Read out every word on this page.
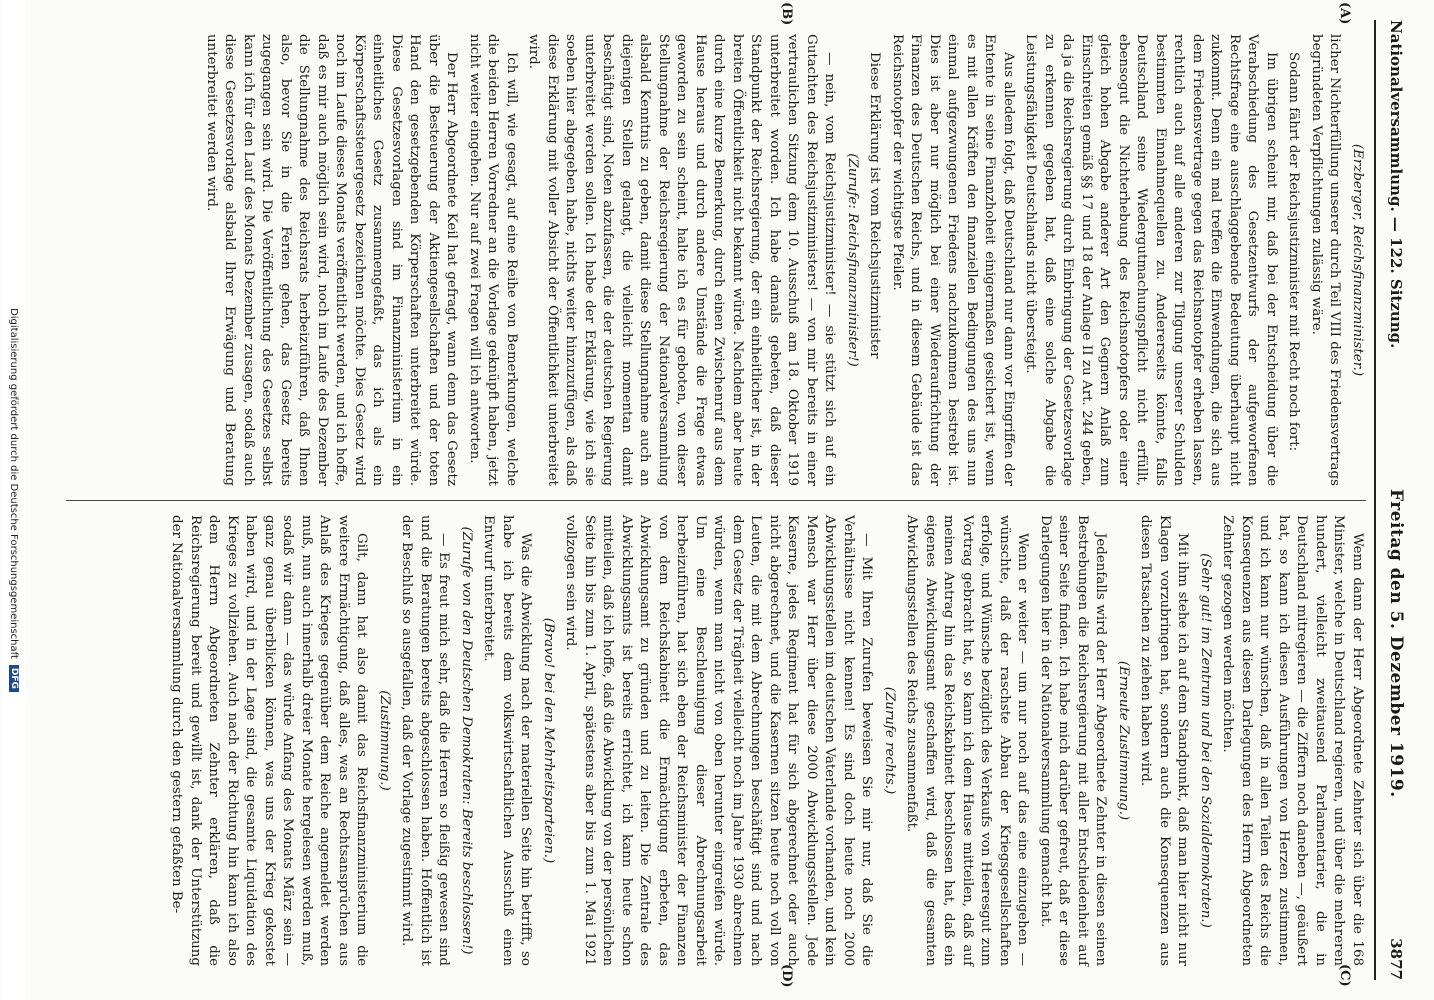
Nationalversammlung. — 122. Sitzung.
Freitag den 5. Dezember 1919.
3877
(A)
(B)
(C)
(D)

(Erzberger, Reichsfinanzminister.)

licher Nichterfüllung unserer durch Teil VIII des Friedensvertrags begründeten Verpflichtungen zulässig wäre.

Sodann fährt der Reichsjustizminister mit Recht noch fort:

Im übrigen scheint mir, daß bei der Entscheidung über die Verabschiedung des Gesetzentwurfs der aufgeworfenen Rechtsfrage eine ausschlaggebende Bedeutung überhaupt nicht zukommt. Denn ein mal treffen die Einwendungen, die sich aus dem Friedensvertrage gegen das Reichsnotopfer erheben lassen, rechtlich auch auf alle anderen zur Tilgung unserer Schulden bestimmten Einnahmequellen zu. Andererseits könnte, falls Deutschland seine Wiedergutmachungspflicht nicht erfüllt, ebensogut die Nichterhebung des Reichsnotopfers oder einer gleich hohen Abgabe anderer Art den Gegnern Anlaß zum Einschreiten gemäß §§ 17 und 18 der Anlage II zu Art. 244 geben, da ja die Reichsregierung durch Einbringung der Gesetzesvorlage zu erkennen gegeben hat, daß eine solche Abgabe die Leistungsfähigkeit Deutschlands nicht übersteigt.

Aus alledem folgt, daß Deutschland nur dann vor Eingriffen der Entente in seine Finanzhoheit einigermaßen gesichert ist, wenn es mit allen Kräften den finanziellen Bedingungen des uns nun einmal aufgezwungenen Friedens nachzukommen bestrebt ist. Dies ist aber nur möglich bei einer Wiederaufrichtung der Finanzen des Deutschen Reichs, und in diesem Gebäude ist das Reichsnotopfer der wichtigste Pfeiler.

Diese Erklärung ist vom Reichsjustizminister

(Zurufe: Reichsfinanzminister!)

— nein, vom Reichsjustizminister! — sie stützt sich auf ein Gutachten des Reichsjustizministers! — von mir bereits in einer vertraulichen Sitzung dem 10. Ausschuß am 18. Oktober 1919 unterbreitet worden. Ich habe damals gebeten, daß dieser Standpunkt der Reichsregierung, der ein einheitlicher ist, in der breiten Öffentlichkeit nicht bekannt würde. Nachdem aber heute durch eine kurze Bemerkung, durch einen Zwischenruf aus dem Hause heraus und durch andere Umstände die Frage etwas geworden zu sein scheint, halte ich es für geboten, von dieser Stellungnahme der Reichsregierung der Nationalversammlung alsbald Kenntnis zu geben, damit diese Stellungnahme auch an diejenigen Stellen gelangt, die vielleicht momentan damit beschäftigt sind, Noten abzufassen, die der deutschen Regierung unterbreitet werden sollen. Ich habe der Erklärung, wie ich sie soeben hier abgegeben habe, nichts weiter hinzuzufügen, als daß diese Erklärung mit voller Absicht der Öffentlichkeit unterbreitet wird.

Ich will, wie gesagt, auf eine Reihe von Bemerkungen, welche die beiden Herren Vorredner an die Vorlage geknüpft haben, jetzt nicht weiter eingehen. Nur auf zwei Fragen will ich antworten.

Der Herr Abgeordnete Keil hat gefragt, wann denn das Gesetz über die Besteuerung der Aktiengesellschaften und der toten Hand den gesetzgebenden Körperschaften unterbreitet würde. Diese Gesetzesvorlagen sind im Finanzministerium in ein einheitliches Gesetz zusammengefaßt, das ich als ein Körperschaftssteuergesetz bezeichnen möchte. Dies Gesetz wird noch im Laufe dieses Monats veröffentlicht werden, und ich hoffe, daß es mir auch möglich sein wird, noch im Laufe des Dezember die Stellungnahme des Reichsrats herbeizuführen, daß Ihnen also, bevor Sie in die Ferien gehen, das Gesetz bereits zugegangen sein wird. Die Veröffentlichung des Gesetzes selbst kann ich für den Lauf des Monats Dezember zusagen, sodaß auch diese Gesetzesvorlage alsbald Ihrer Erwägung und Beratung unterbreitet werden wird.

Wenn dann der Herr Abgeordnete Zehnter sich über die 168 Minister, welche in Deutschland regieren, und über die mehreren hundert, vielleicht zweitausend Parlamentarier, die in Deutschland mitregieren — die Ziffern noch daneben —, geäußert hat, so kann ich diesen Ausführungen von Herzen zustimmen, und ich kann nur wünschen, daß in allen Teilen des Reichs die Konsequenzen aus diesen Darlegungen des Herrn Abgeordneten Zehnter gezogen werden möchten.

(Sehr gut! im Zentrum und bei den Sozialdemokraten.)

Mit ihm stehe ich auf dem Standpunkt, daß man hier nicht nur Klagen vorzubringen hat, sondern auch die Konsequenzen aus diesen Tatsachen zu ziehen haben wird.

(Erneute Zustimmung.)

Jedenfalls wird der Herr Abgeordnete Zehnter in diesen seinen Bestrebungen die Reichsregierung mit aller Entschiedenheit auf seiner Seite finden. Ich habe mich darüber gefreut, daß er diese Darlegungen hier in der Nationalversammlung gemacht hat.

Wenn er weiter — um nur noch auf das eine einzugehen — wünschte, daß der raschste Abbau der Kriegsgesellschaften erfolge, und Wünsche bezüglich des Verkaufs von Heeresgut zum Vortrag gebracht hat, so kann ich dem Hause mitteilen, daß auf meinen Antrag hin das Reichskabinett beschlossen hat, daß ein eigenes Abwicklungsamt geschaffen wird, daß die gesamten Abwicklungsstellen des Reichs zusammenfaßt.

(Zurufe rechts.)

— Mit Ihren Zurufen beweisen Sie mir nur, daß Sie die Verhältnisse nicht kennen! Es sind doch heute noch 2000 Abwicklungsstellen im deutschen Vaterlande vorhanden, und kein Mensch war Herr über diese 2000 Abwicklungsstellen. Jede Kaserne, jedes Regiment hat für sich abgerechnet oder auch nicht abgerechnet, und die Kasernen sitzen heute noch voll von Leuten, die mit dem Abrechnungen beschäftigt sind und nach dem Gesetz der Trägheit vielleicht noch im Jahre 1930 abrechnen würden, wenn man nicht von oben herunter eingreifen würde. Um eine Beschleunigung dieser Abrechnungsarbeit herbeizuführen, hat sich eben der Reichsminister der Finanzen von dem Reichskabinett die Ermächtigung erbeten, das Abwicklungsamt zu gründen und zu leiten. Die Zentrale des Abwicklungsamts ist bereits errichtet, ich kann heute schon mitteilen, daß ich hoffe, daß die Abwicklung von der persönlichen Seite hin bis zum 1. April, spätestens aber bis zum 1. Mai 1921 vollzogen sein wird.

(Bravo! bei den Mehrheitsparteien.)

Was die Abwicklung nach der materiellen Seite hin betrifft, so habe ich bereits dem volkswirtschaftlichen Ausschuß einen Entwurf unterbreitet.

(Zurufe von den Deutschen Demokraten: Bereits beschlossen!)

— Es freut mich sehr, daß die Herren so fleißig gewesen sind und die Beratungen bereits abgeschlossen haben. Hoffentlich ist der Beschluß so ausgefallen, daß der Vorlage zugestimmt wird.

(Zustimmung.)

Gilt, dann hat also damit das Reichsfinanzministerium die weitere Ermächtigung, daß alles, was an Rechtsansprüchen aus Anlaß des Krieges gegenüber dem Reiche angemeldet werden muß, nun auch innerhalb dreier Monate hergelesen werden muß, sodaß wir dann — das würde Anfang des Monats März sein — ganz genau überblicken können, was uns der Krieg gekostet haben wird, und in der Lage sind, die gesamte Liquidation des Krieges zu vollziehen. Auch nach der Richtung hin kann ich also dem Herrn Abgeordneten Zehnter erklären, daß die Reichsregierung bereit und gewillt ist, dank der Unterstützung der Nationalversammlung durch den gestern gefaßten Be-

Digitalisierung gefördert durch die Deutsche Forschungsgemeinschaft
DFG
